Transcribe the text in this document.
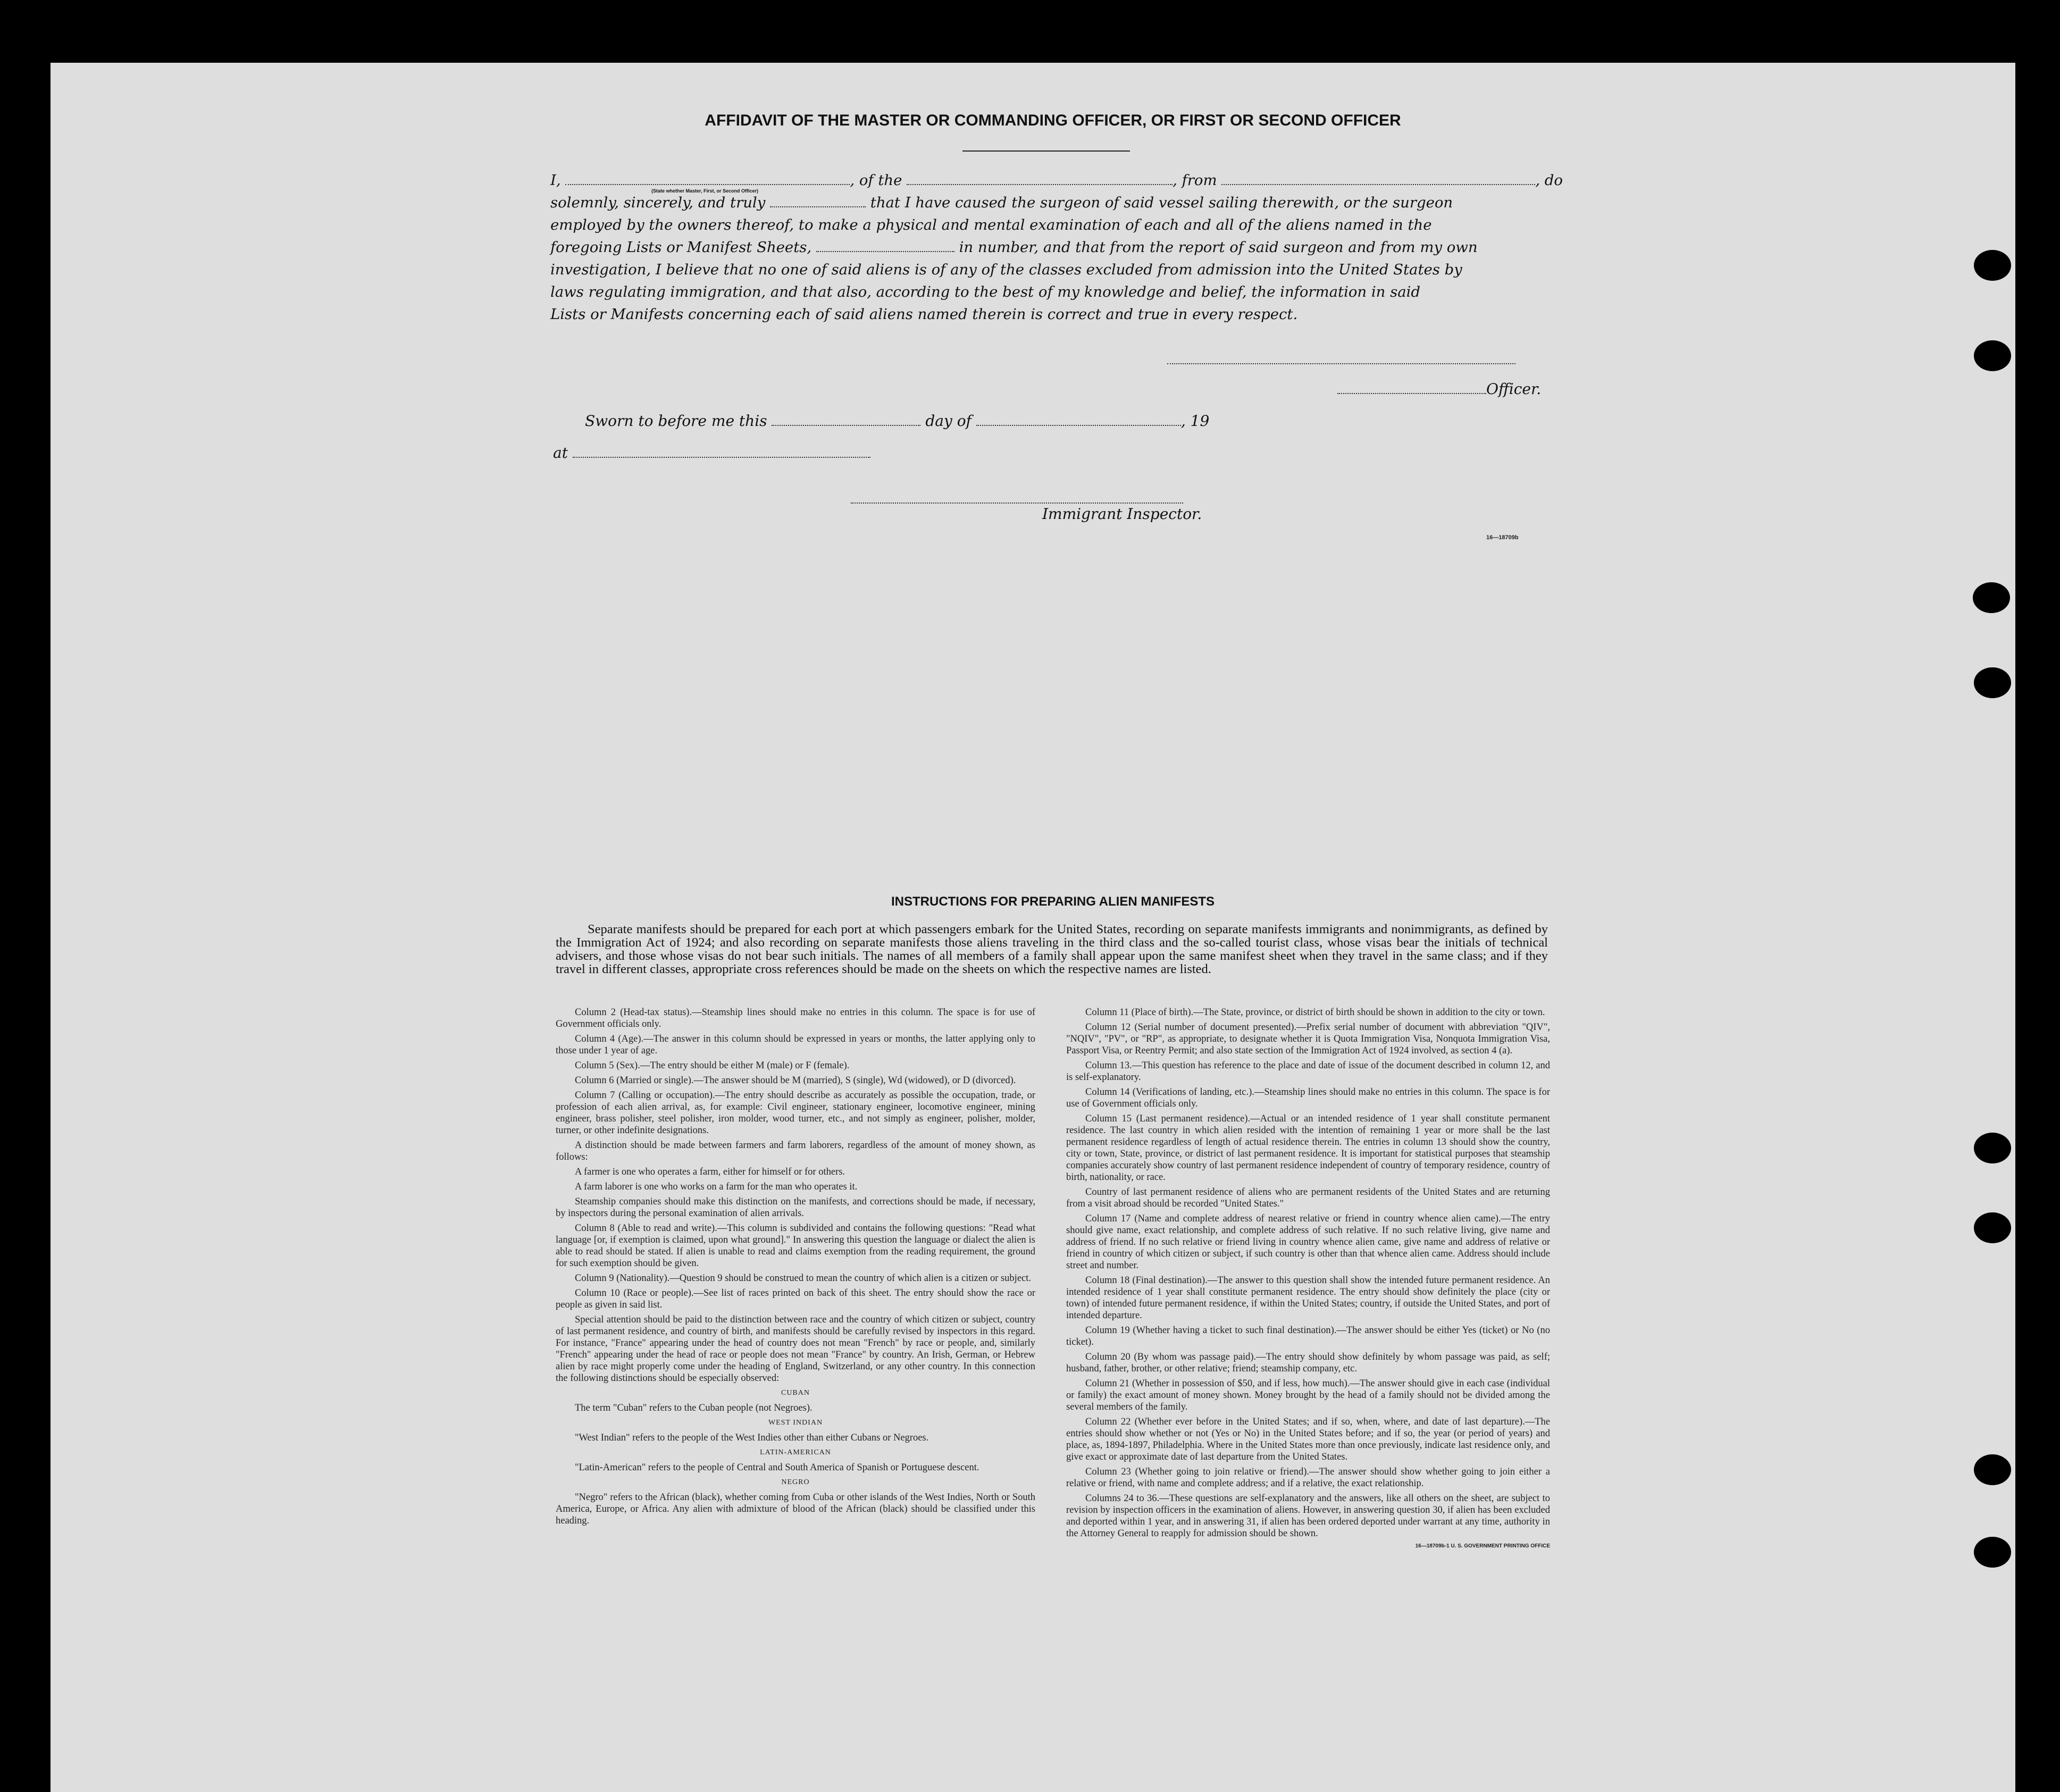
AFFIDAVIT OF THE MASTER OR COMMANDING OFFICER, OR FIRST OR SECOND OFFICER
I,	, of the	, from	, do
(State whether Master, First, or Second Officer)
solemnly, sincerely, and truly	that I have caused the surgeon of said vessel sailing therewith, or the surgeon
employed by the owners thereof, to make a physical and mental examination of each and all of the aliens named in the
foregoing Lists or Manifest Sheets,	in number, and that from the report of said surgeon and from my own
investigation, I believe that no one of said aliens is of any of the classes excluded from admission into the United States by
laws regulating immigration, and that also, according to the best of my knowledge and belief, the information in said
Lists or Manifests concerning each of said aliens named therein is correct and true in every respect.
Officer.
Sworn to before me this	day of	, 19
at
Immigrant Inspector.
16—18709b
INSTRUCTIONS FOR PREPARING ALIEN MANIFESTS
Separate manifests should be prepared for each port at which passengers embark for the United States, recording on separate manifests immigrants and nonimmigrants, as defined by the Immigration Act of 1924; and also recording on separate manifests those aliens traveling in the third class and the so-called tourist class, whose visas bear the initials of technical advisers, and those whose visas do not bear such initials. The names of all members of a family shall appear upon the same manifest sheet when they travel in the same class; and if they travel in different classes, appropriate cross references should be made on the sheets on which the respective names are listed.

Column 2 (Head-tax status).—Steamship lines should make no entries in this column. The space is for use of Government officials only.

Column 4 (Age).—The answer in this column should be expressed in years or months, the latter applying only to those under 1 year of age.

Column 5 (Sex).—The entry should be either M (male) or F (female).

Column 6 (Married or single).—The answer should be M (married), S (single), Wd (widowed), or D (divorced).

Column 7 (Calling or occupation).—The entry should describe as accurately as possible the occupation, trade, or profession of each alien arrival, as, for example: Civil engineer, stationary engineer, locomotive engineer, mining engineer, brass polisher, steel polisher, iron molder, wood turner, etc., and not simply as engineer, polisher, molder, turner, or other indefinite designations.

A distinction should be made between farmers and farm laborers, regardless of the amount of money shown, as follows:

A farmer is one who operates a farm, either for himself or for others.

A farm laborer is one who works on a farm for the man who operates it.

Steamship companies should make this distinction on the manifests, and corrections should be made, if necessary, by inspectors during the personal examination of alien arrivals.

Column 8 (Able to read and write).—This column is subdivided and contains the following questions: "Read what language [or, if exemption is claimed, upon what ground]." In answering this question the language or dialect the alien is able to read should be stated. If alien is unable to read and claims exemption from the reading requirement, the ground for such exemption should be given.

Column 9 (Nationality).—Question 9 should be construed to mean the country of which alien is a citizen or subject.

Column 10 (Race or people).—See list of races printed on back of this sheet. The entry should show the race or people as given in said list.

Special attention should be paid to the distinction between race and the country of which citizen or subject, country of last permanent residence, and country of birth, and manifests should be carefully revised by inspectors in this regard. For instance, "France" appearing under the head of country does not mean "French" by race or people, and, similarly "French" appearing under the head of race or people does not mean "France" by country. An Irish, German, or Hebrew alien by race might properly come under the heading of England, Switzerland, or any other country. In this connection the following distinctions should be especially observed:

CUBAN

The term "Cuban" refers to the Cuban people (not Negroes).

WEST INDIAN

"West Indian" refers to the people of the West Indies other than either Cubans or Negroes.

LATIN-AMERICAN

"Latin-American" refers to the people of Central and South America of Spanish or Portuguese descent.

NEGRO

"Negro" refers to the African (black), whether coming from Cuba or other islands of the West Indies, North or South America, Europe, or Africa. Any alien with admixture of blood of the African (black) should be classified under this heading.

Column 11 (Place of birth).—The State, province, or district of birth should be shown in addition to the city or town.

Column 12 (Serial number of document presented).—Prefix serial number of document with abbreviation "QIV", "NQIV", "PV", or "RP", as appropriate, to designate whether it is Quota Immigration Visa, Nonquota Immigration Visa, Passport Visa, or Reentry Permit; and also state section of the Immigration Act of 1924 involved, as section 4 (a).

Column 13.—This question has reference to the place and date of issue of the document described in column 12, and is self-explanatory.

Column 14 (Verifications of landing, etc.).—Steamship lines should make no entries in this column. The space is for use of Government officials only.

Column 15 (Last permanent residence).—Actual or an intended residence of 1 year shall constitute permanent residence. The last country in which alien resided with the intention of remaining 1 year or more shall be the last permanent residence regardless of length of actual residence therein. The entries in column 13 should show the country, city or town, State, province, or district of last permanent residence. It is important for statistical purposes that steamship companies accurately show country of last permanent residence independent of country of temporary residence, country of birth, nationality, or race.

Country of last permanent residence of aliens who are permanent residents of the United States and are returning from a visit abroad should be recorded "United States."

Column 17 (Name and complete address of nearest relative or friend in country whence alien came).—The entry should give name, exact relationship, and complete address of such relative. If no such relative living, give name and address of friend. If no such relative or friend living in country whence alien came, give name and address of relative or friend in country of which citizen or subject, if such country is other than that whence alien came. Address should include street and number.

Column 18 (Final destination).—The answer to this question shall show the intended future permanent residence. An intended residence of 1 year shall constitute permanent residence. The entry should show definitely the place (city or town) of intended future permanent residence, if within the United States; country, if outside the United States, and port of intended departure.

Column 19 (Whether having a ticket to such final destination).—The answer should be either Yes (ticket) or No (no ticket).

Column 20 (By whom was passage paid).—The entry should show definitely by whom passage was paid, as self; husband, father, brother, or other relative; friend; steamship company, etc.

Column 21 (Whether in possession of $50, and if less, how much).—The answer should give in each case (individual or family) the exact amount of money shown. Money brought by the head of a family should not be divided among the several members of the family.

Column 22 (Whether ever before in the United States; and if so, when, where, and date of last departure).—The entries should show whether or not (Yes or No) in the United States before; and if so, the year (or period of years) and place, as, 1894-1897, Philadelphia. Where in the United States more than once previously, indicate last residence only, and give exact or approximate date of last departure from the United States.

Column 23 (Whether going to join relative or friend).—The answer should show whether going to join either a relative or friend, with name and complete address; and if a relative, the exact relationship.

Columns 24 to 36.—These questions are self-explanatory and the answers, like all others on the sheet, are subject to revision by inspection officers in the examination of aliens. However, in answering question 30, if alien has been excluded and deported within 1 year, and in answering 31, if alien has been ordered deported under warrant at any time, authority in the Attorney General to reapply for admission should be shown.

16—18709b-1 U. S. GOVERNMENT PRINTING OFFICE
